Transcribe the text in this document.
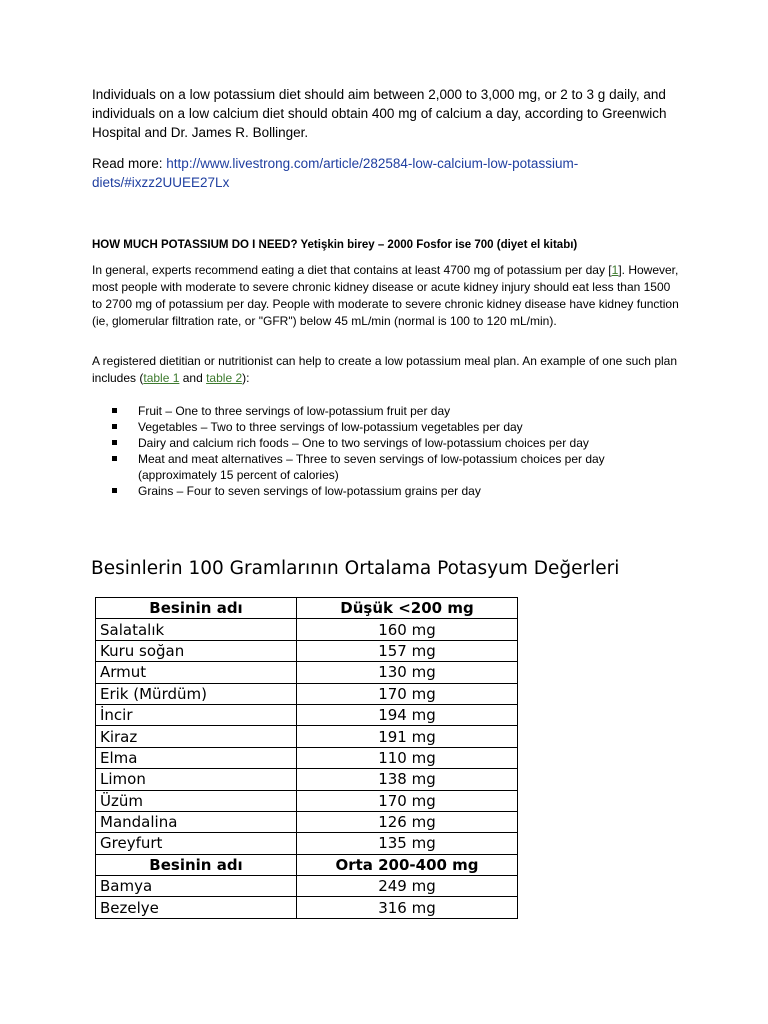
Individuals on a low potassium diet should aim between 2,000 to 3,000 mg, or 2 to 3 g daily, and individuals on a low calcium diet should obtain 400 mg of calcium a day, according to Greenwich Hospital and Dr. James R. Bollinger.

Read more: http://www.livestrong.com/article/282584-low-calcium-low-potassium-diets/#ixzz2UUEE27Lx

HOW MUCH POTASSIUM DO I NEED? Yetişkin birey – 2000 Fosfor ise 700 (diyet el kitabı)

In general, experts recommend eating a diet that contains at least 4700 mg of potassium per day [1]. However, most people with moderate to severe chronic kidney disease or acute kidney injury should eat less than 1500 to 2700 mg of potassium per day. People with moderate to severe chronic kidney disease have kidney function (ie, glomerular filtration rate, or "GFR") below 45 mL/min (normal is 100 to 120 mL/min).

A registered dietitian or nutritionist can help to create a low potassium meal plan. An example of one such plan includes (table 1 and table 2):

Fruit – One to three servings of low-potassium fruit per day
Vegetables – Two to three servings of low-potassium vegetables per day
Dairy and calcium rich foods – One to two servings of low-potassium choices per day
Meat and meat alternatives – Three to seven servings of low-potassium choices per day (approximately 15 percent of calories)
Grains – Four to seven servings of low-potassium grains per day
Besinlerin 100 Gramlarının Ortalama Potasyum Değerleri
Besinin adı	Düşük <200 mg
Salatalık	160 mg
Kuru soğan	157 mg
Armut	130 mg
Erik (Mürdüm)	170 mg
İncir	194 mg
Kiraz	191 mg
Elma	110 mg
Limon	138 mg
Üzüm	170 mg
Mandalina	126 mg
Greyfurt	135 mg
Besinin adı	Orta 200-400 mg
Bamya	249 mg
Bezelye	316 mg
